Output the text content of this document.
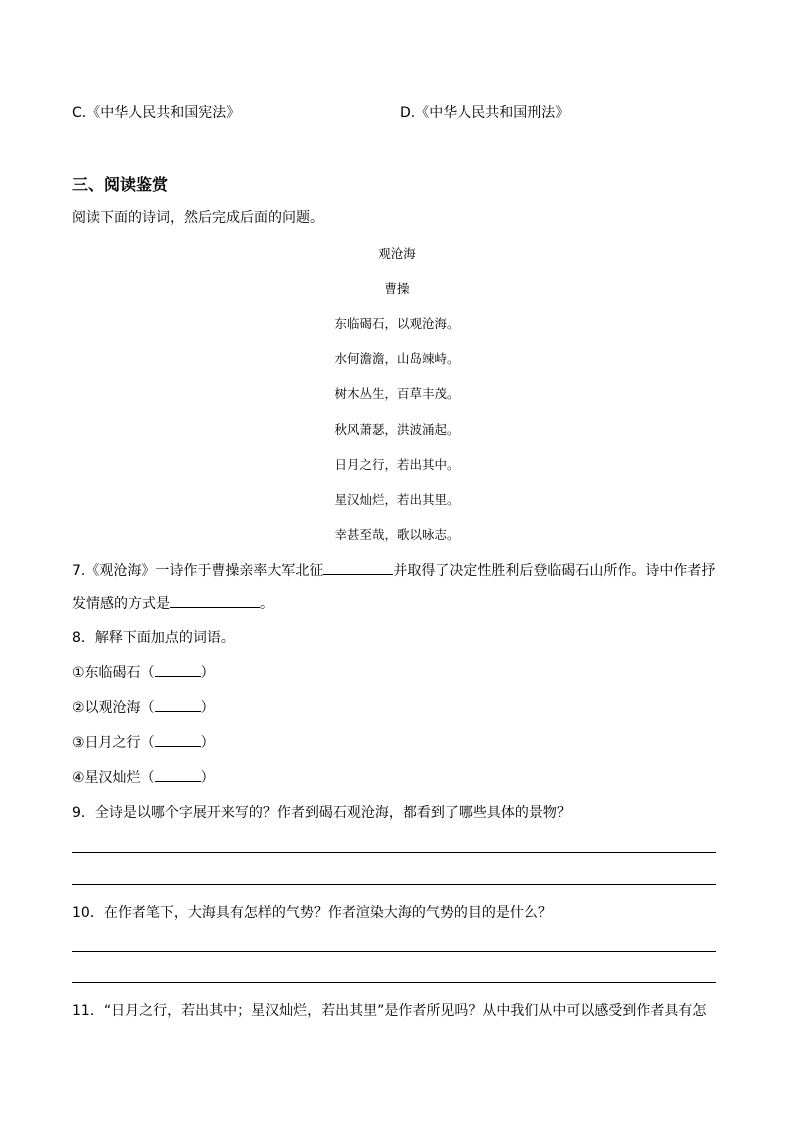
C.《中华人民共和国宪法》	D.《中华人民共和国刑法》
三、阅读鉴赏
阅读下面的诗词，然后完成后面的问题。
观沧海
曹操
东临碣石，以观沧海。
水何澹澹，山岛竦峙。
树木丛生，百草丰茂。
秋风萧瑟，洪波涌起。
日月之行，若出其中。
星汉灿烂，若出其里。
幸甚至哉，歌以咏志。
7.《观沧海》一诗作于曹操亲率大军北征	并取得了决定性胜利后登临碣石山所作。诗中作者抒
发情感的方式是	。
8．解释下面加点的词语。
①东临碣石（	）
②以观沧海（	）
③日月之行（	）
④星汉灿烂（	）
9．全诗是以哪个字展开来写的？作者到碣石观沧海，都看到了哪些具体的景物？
10．在作者笔下，大海具有怎样的气势？作者渲染大海的气势的目的是什么？
11．“日月之行，若出其中；星汉灿烂，若出其里”是作者所见吗？从中我们从中可以感受到作者具有怎
